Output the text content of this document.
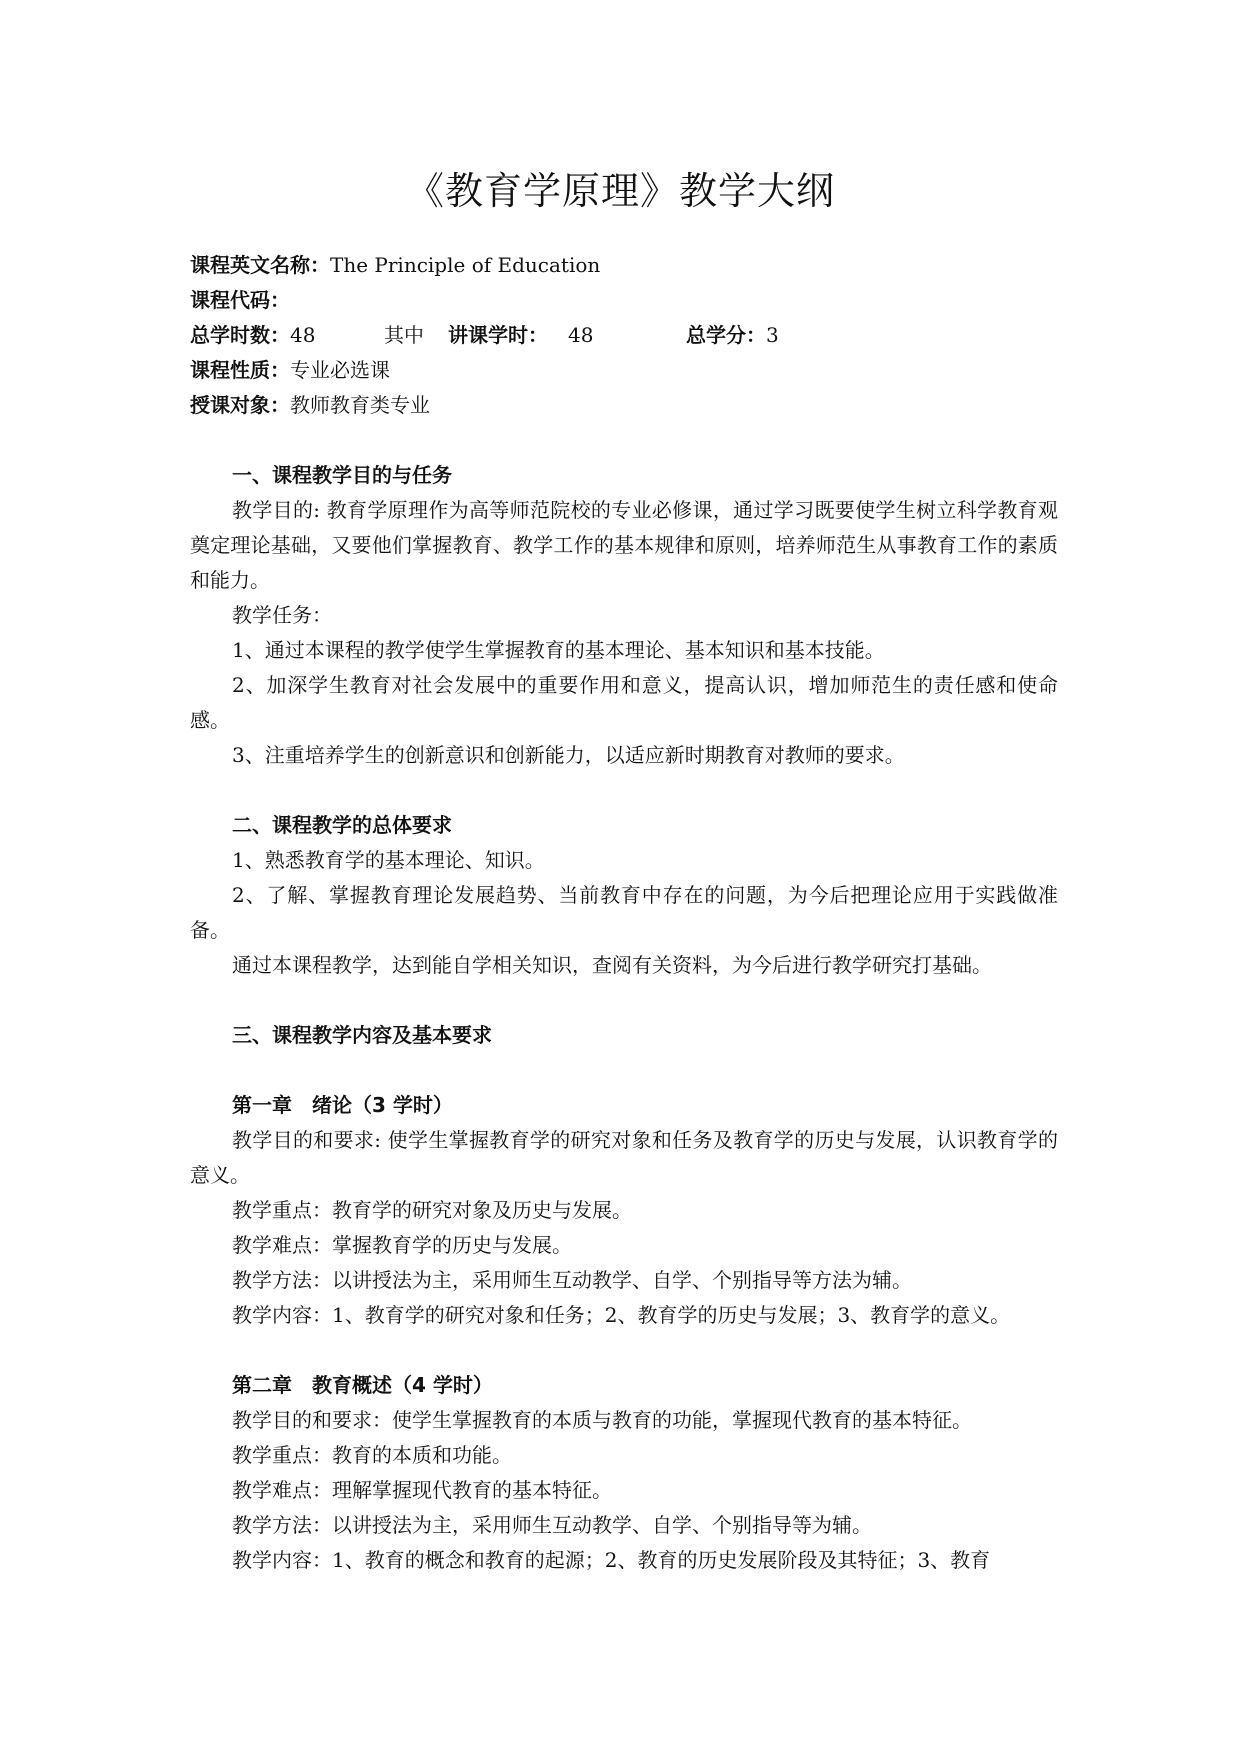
《教育学原理》教学大纲
课程英文名称：The Principle of Education
课程代码：
总学时数：48	其中 讲课学时： 48	总学分：3
课程性质：专业必选课
授课对象：教师教育类专业
一、课程教学目的与任务
教学目的: 教育学原理作为高等师范院校的专业必修课，通过学习既要使学生树立科学教育观奠定理论基础，又要他们掌握教育、教学工作的基本规律和原则，培养师范生从事教育工作的素质和能力。
教学任务：
1、通过本课程的教学使学生掌握教育的基本理论、基本知识和基本技能。
2、加深学生教育对社会发展中的重要作用和意义，提高认识，增加师范生的责任感和使命感。
3、注重培养学生的创新意识和创新能力，以适应新时期教育对教师的要求。
二、课程教学的总体要求
1、熟悉教育学的基本理论、知识。
2、了解、掌握教育理论发展趋势、当前教育中存在的问题，为今后把理论应用于实践做准备。
通过本课程教学，达到能自学相关知识，查阅有关资料，为今后进行教学研究打基础。
三、课程教学内容及基本要求
第一章　绪论（3 学时）
教学目的和要求: 使学生掌握教育学的研究对象和任务及教育学的历史与发展，认识教育学的意义。
教学重点：教育学的研究对象及历史与发展。
教学难点：掌握教育学的历史与发展。
教学方法：以讲授法为主，采用师生互动教学、自学、个别指导等方法为辅。
教学内容：1、教育学的研究对象和任务；2、教育学的历史与发展；3、教育学的意义。
第二章　教育概述（4 学时）
教学目的和要求：使学生掌握教育的本质与教育的功能，掌握现代教育的基本特征。
教学重点：教育的本质和功能。
教学难点：理解掌握现代教育的基本特征。
教学方法：以讲授法为主，采用师生互动教学、自学、个别指导等为辅。
教学内容：1、教育的概念和教育的起源；2、教育的历史发展阶段及其特征；3、教育
